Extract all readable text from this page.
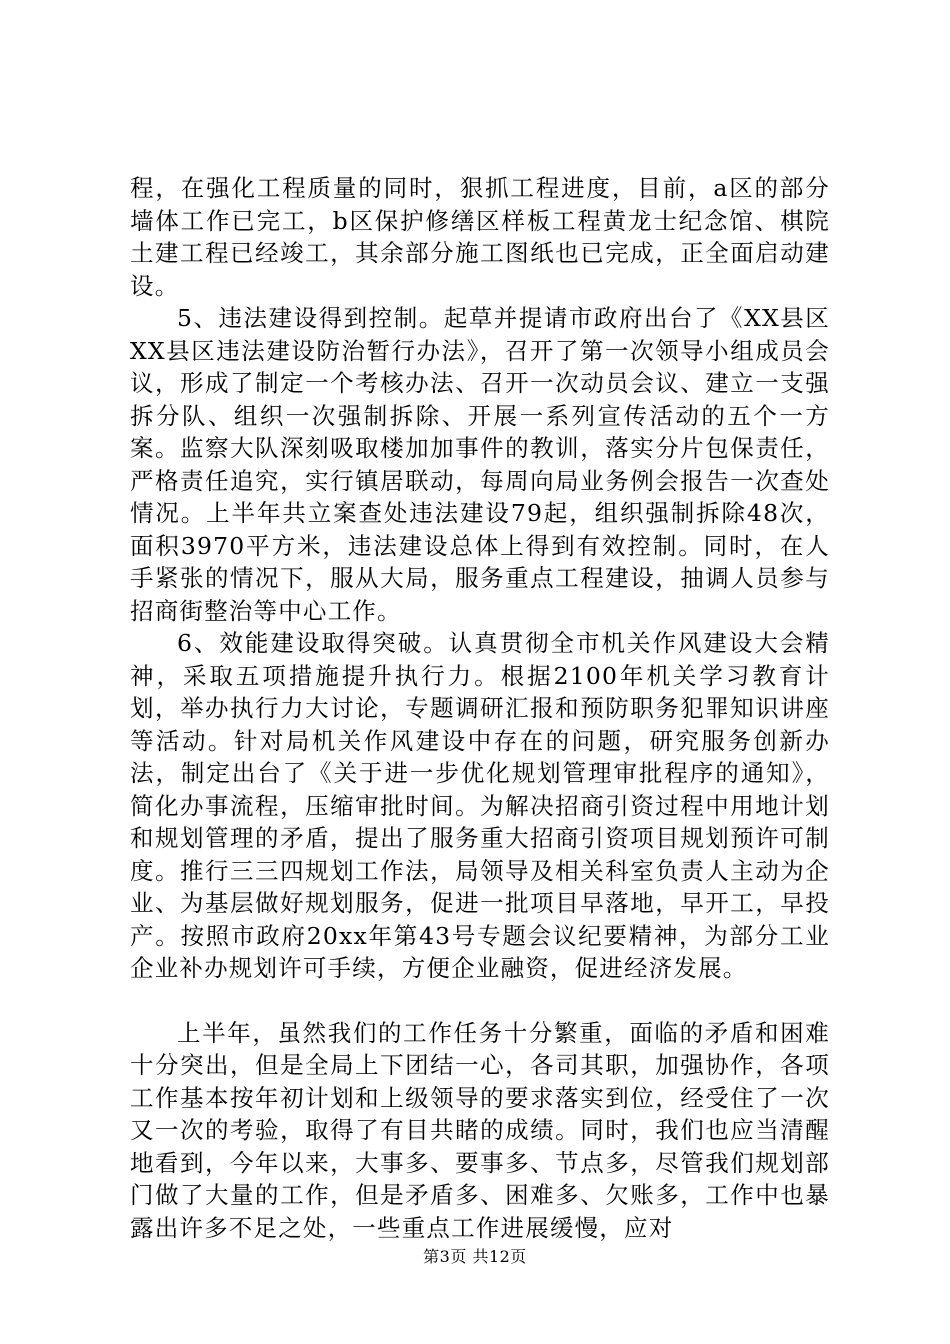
程，在强化工程质量的同时，狠抓工程进度，目前，a区的部分墙体工作已完工，b区保护修缮区样板工程黄龙士纪念馆、棋院土建工程已经竣工，其余部分施工图纸也已完成，正全面启动建设。

5、违法建设得到控制。起草并提请市政府出台了《XX县区XX县区违法建设防治暂行办法》，召开了第一次领导小组成员会议，形成了制定一个考核办法、召开一次动员会议、建立一支强拆分队、组织一次强制拆除、开展一系列宣传活动的五个一方案。监察大队深刻吸取楼加加事件的教训，落实分片包保责任，严格责任追究，实行镇居联动，每周向局业务例会报告一次查处情况。上半年共立案查处违法建设79起，组织强制拆除48次，面积3970平方米，违法建设总体上得到有效控制。同时，在人手紧张的情况下，服从大局，服务重点工程建设，抽调人员参与招商街整治等中心工作。

6、效能建设取得突破。认真贯彻全市机关作风建设大会精神，采取五项措施提升执行力。根据2100年机关学习教育计划，举办执行力大讨论，专题调研汇报和预防职务犯罪知识讲座等活动。针对局机关作风建设中存在的问题，研究服务创新办法，制定出台了《关于进一步优化规划管理审批程序的通知》，简化办事流程，压缩审批时间。为解决招商引资过程中用地计划和规划管理的矛盾，提出了服务重大招商引资项目规划预许可制度。推行三三四规划工作法，局领导及相关科室负责人主动为企业、为基层做好规划服务，促进一批项目早落地，早开工，早投产。按照市政府20xx年第43号专题会议纪要精神，为部分工业企业补办规划许可手续，方便企业融资，促进经济发展。

上半年，虽然我们的工作任务十分繁重，面临的矛盾和困难十分突出，但是全局上下团结一心，各司其职，加强协作，各项工作基本按年初计划和上级领导的要求落实到位，经受住了一次又一次的考验，取得了有目共睹的成绩。同时，我们也应当清醒地看到，今年以来，大事多、要事多、节点多，尽管我们规划部门做了大量的工作，但是矛盾多、困难多、欠账多，工作中也暴露出许多不足之处，一些重点工作进展缓慢，应对

第3页 共12页
